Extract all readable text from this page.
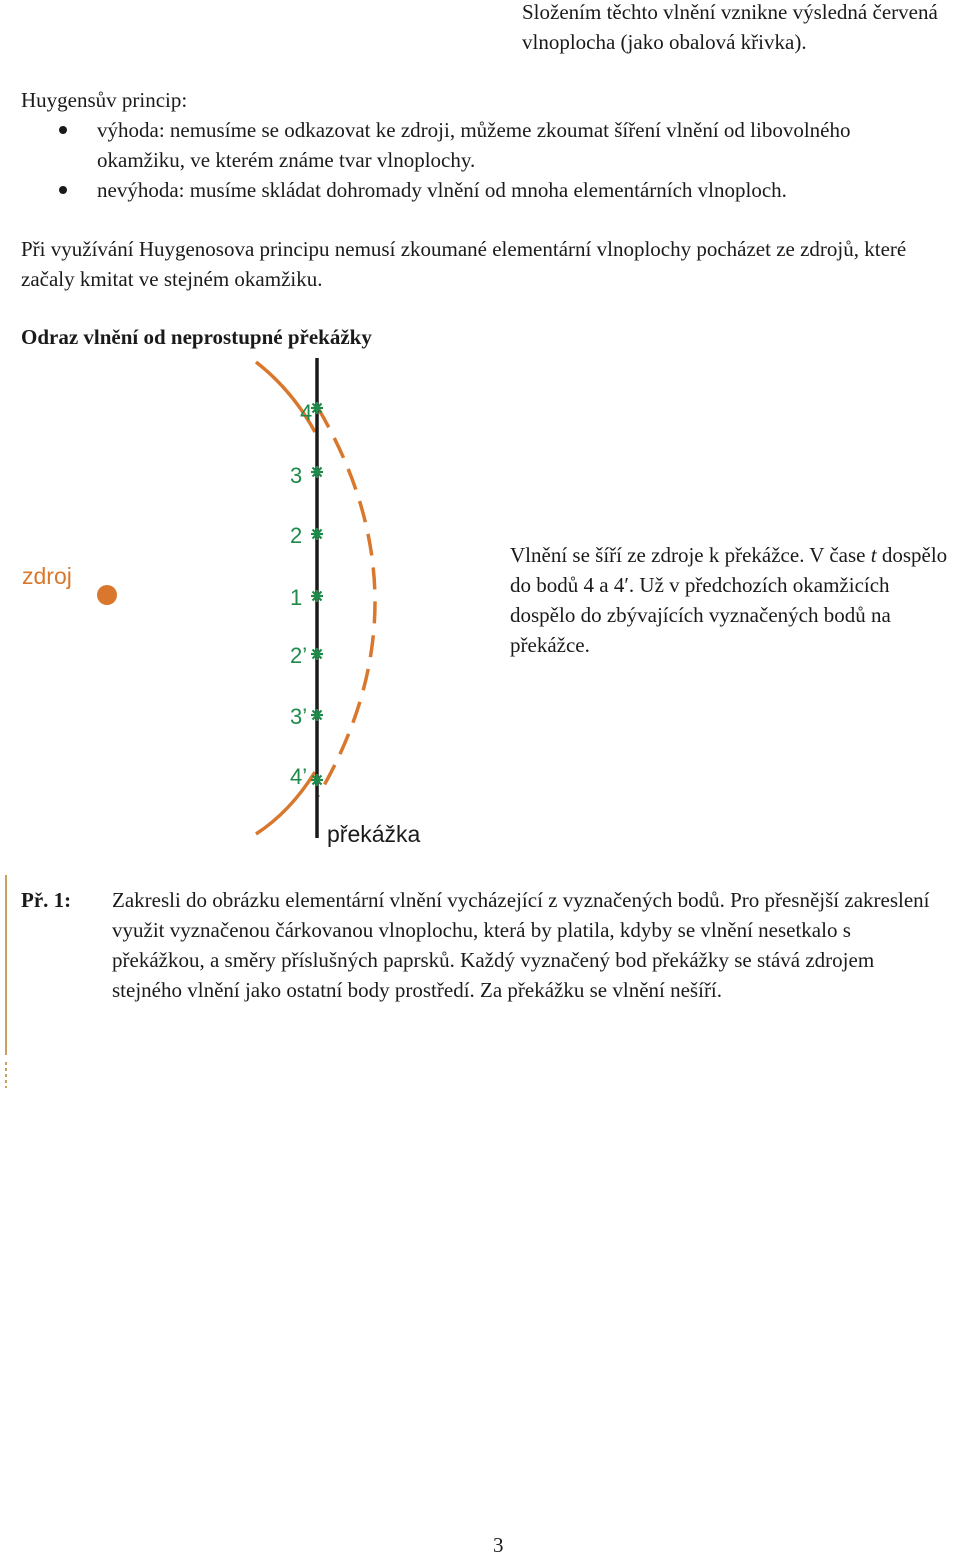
Složením těchto vlnění vznikne výsledná červená vlnoplocha (jako obalová křivka).
Huygensův princip:
výhoda: nemusíme se odkazovat ke zdroji, můžeme zkoumat šíření vlnění od libovolného okamžiku, ve kterém známe tvar vlnoplochy.
nevýhoda: musíme skládat dohromady vlnění od mnoha elementárních vlnoploch.
Při využívání Huygenosova principu nemusí zkoumané elementární vlnoplochy pocházet ze zdrojů, které začaly kmitat ve stejném okamžiku.
Odraz vlnění od neprostupné překážky
4
3
2
1
2’
3’
4’
zdroj
překážka
Vlnění se šíří ze zdroje k překážce. V čase t dospělo do bodů 4 a 4′. Už v předchozích okamžicích dospělo do zbývajících vyznačených bodů na překážce.
Př. 1: Zakresli do obrázku elementární vlnění vycházející z vyznačených bodů. Pro přesnější zakreslení využit vyznačenou čárkovanou vlnoplochu, která by platila, kdyby se vlnění nesetkalo s překážkou, a směry příslušných paprsků. Každý vyznačený bod překážky se stává zdrojem stejného vlnění jako ostatní body prostředí. Za překážku se vlnění nešíří.
3
